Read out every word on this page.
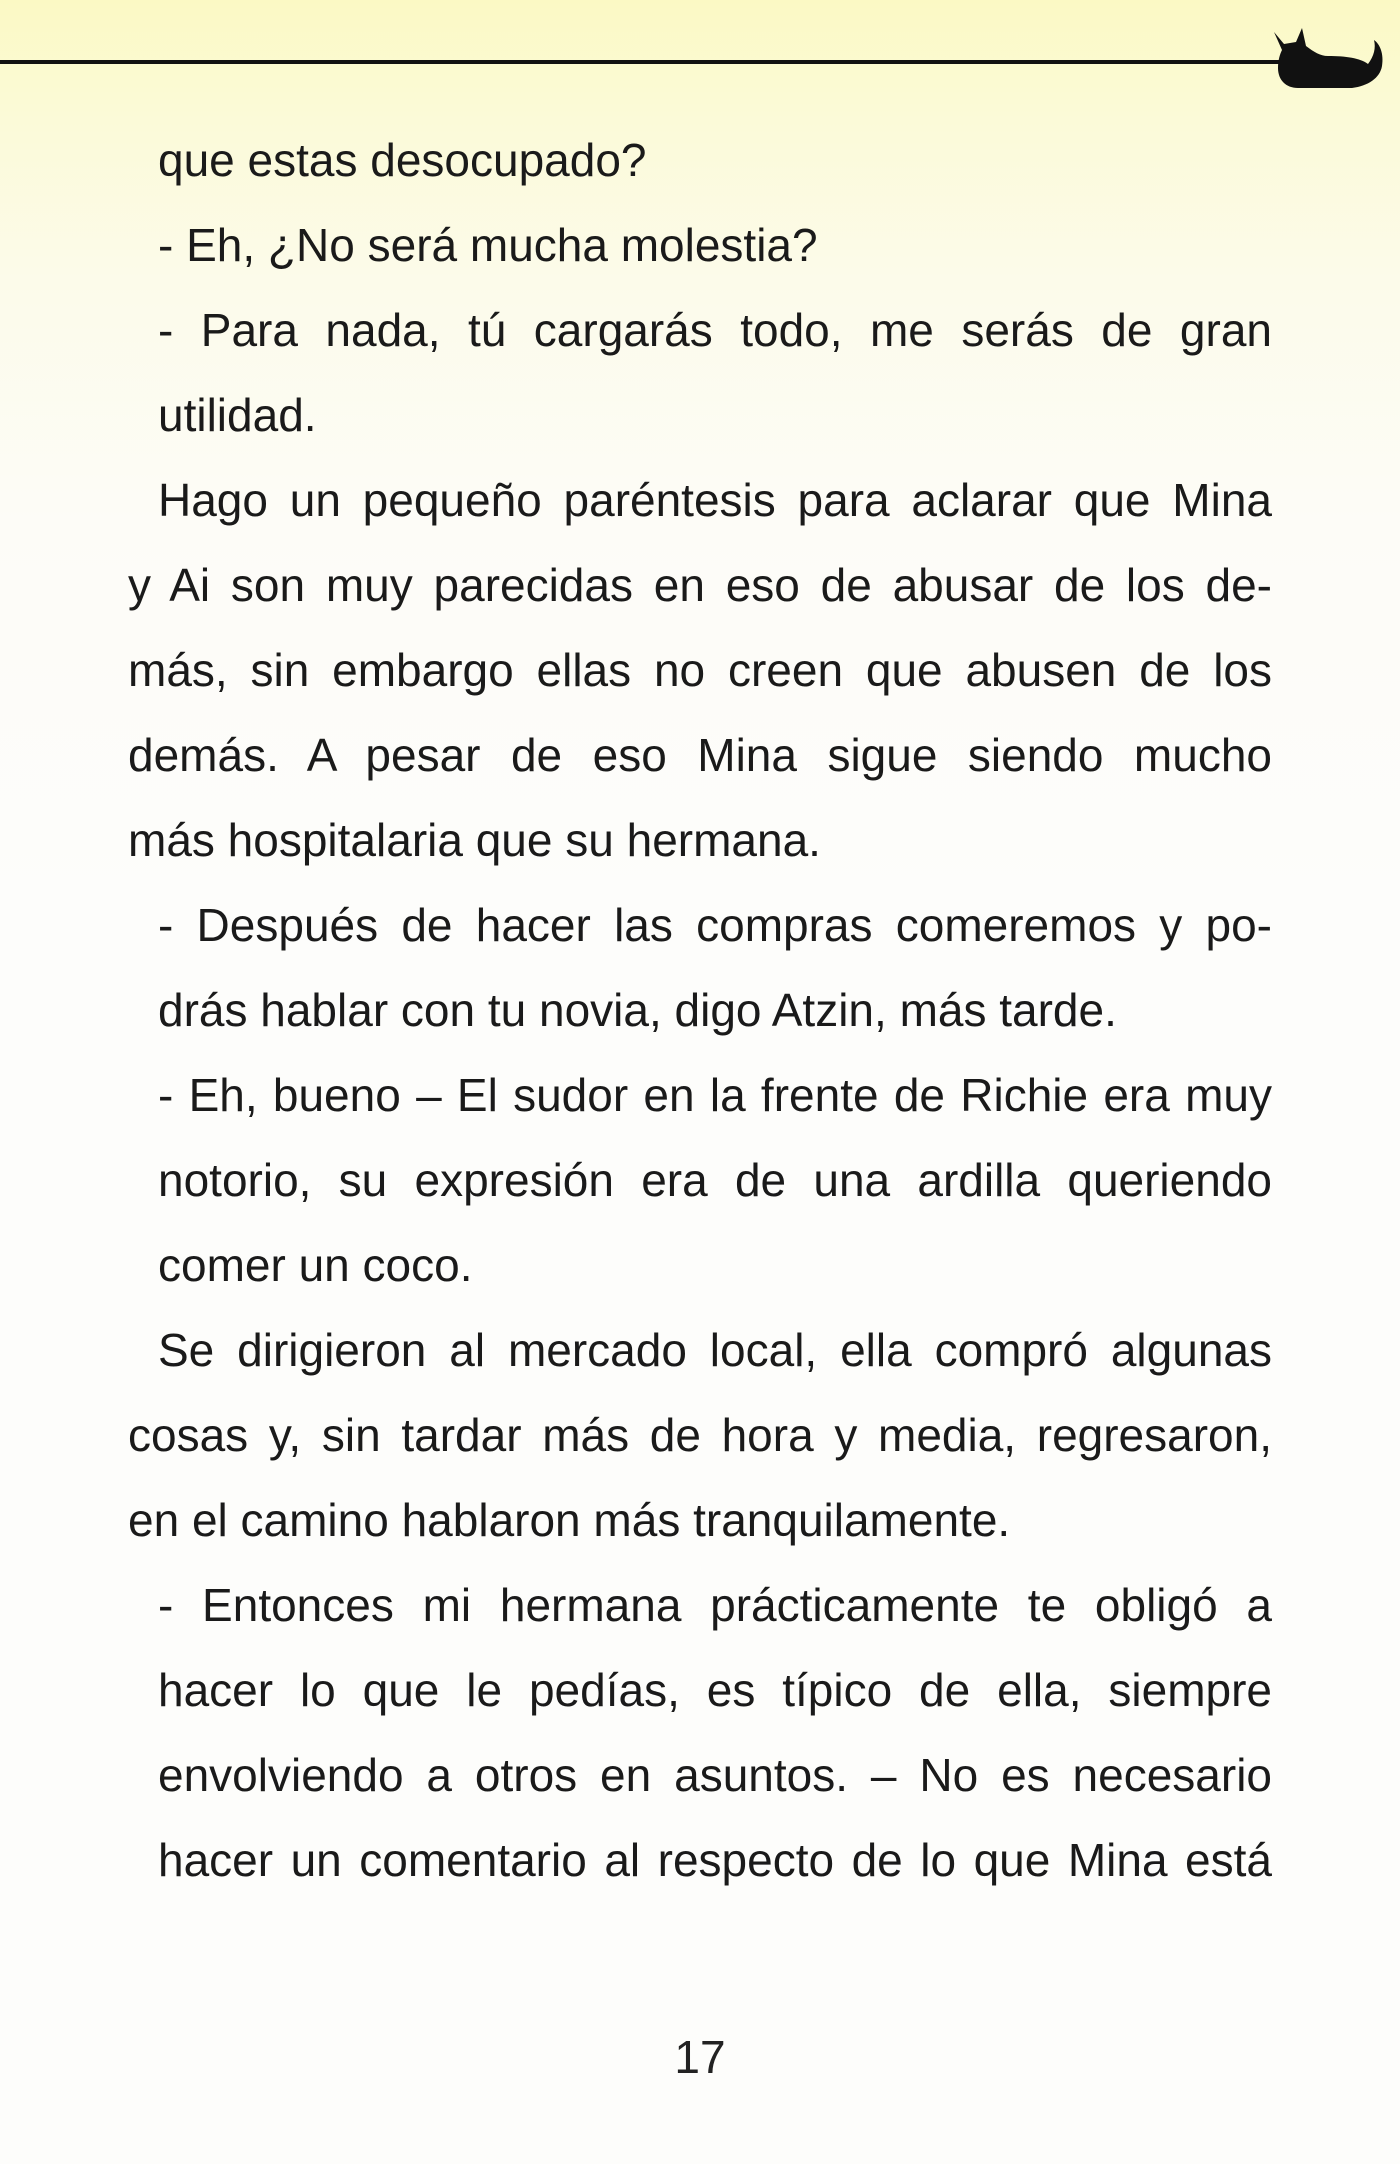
que estas desocupado?
- Eh, ¿No será mucha molestia?
- Para nada, tú cargarás todo, me serás de gran
utilidad.
Hago un pequeño paréntesis para aclarar que Mina
y Ai son muy parecidas en eso de abusar de los de-
más, sin embargo ellas no creen que abusen de los
demás. A pesar de eso Mina sigue siendo mucho
más hospitalaria que su hermana.
- Después de hacer las compras comeremos y po-
drás hablar con tu novia, digo Atzin, más tarde.
- Eh, bueno – El sudor en la frente de Richie era muy
notorio, su expresión era de una ardilla queriendo
comer un coco.
Se dirigieron al mercado local, ella compró algunas
cosas y, sin tardar más de hora y media, regresaron,
en el camino hablaron más tranquilamente.
- Entonces mi hermana prácticamente te obligó a
hacer lo que le pedías, es típico de ella, siempre
envolviendo a otros en asuntos. – No es necesario
hacer un comentario al respecto de lo que Mina está
17
